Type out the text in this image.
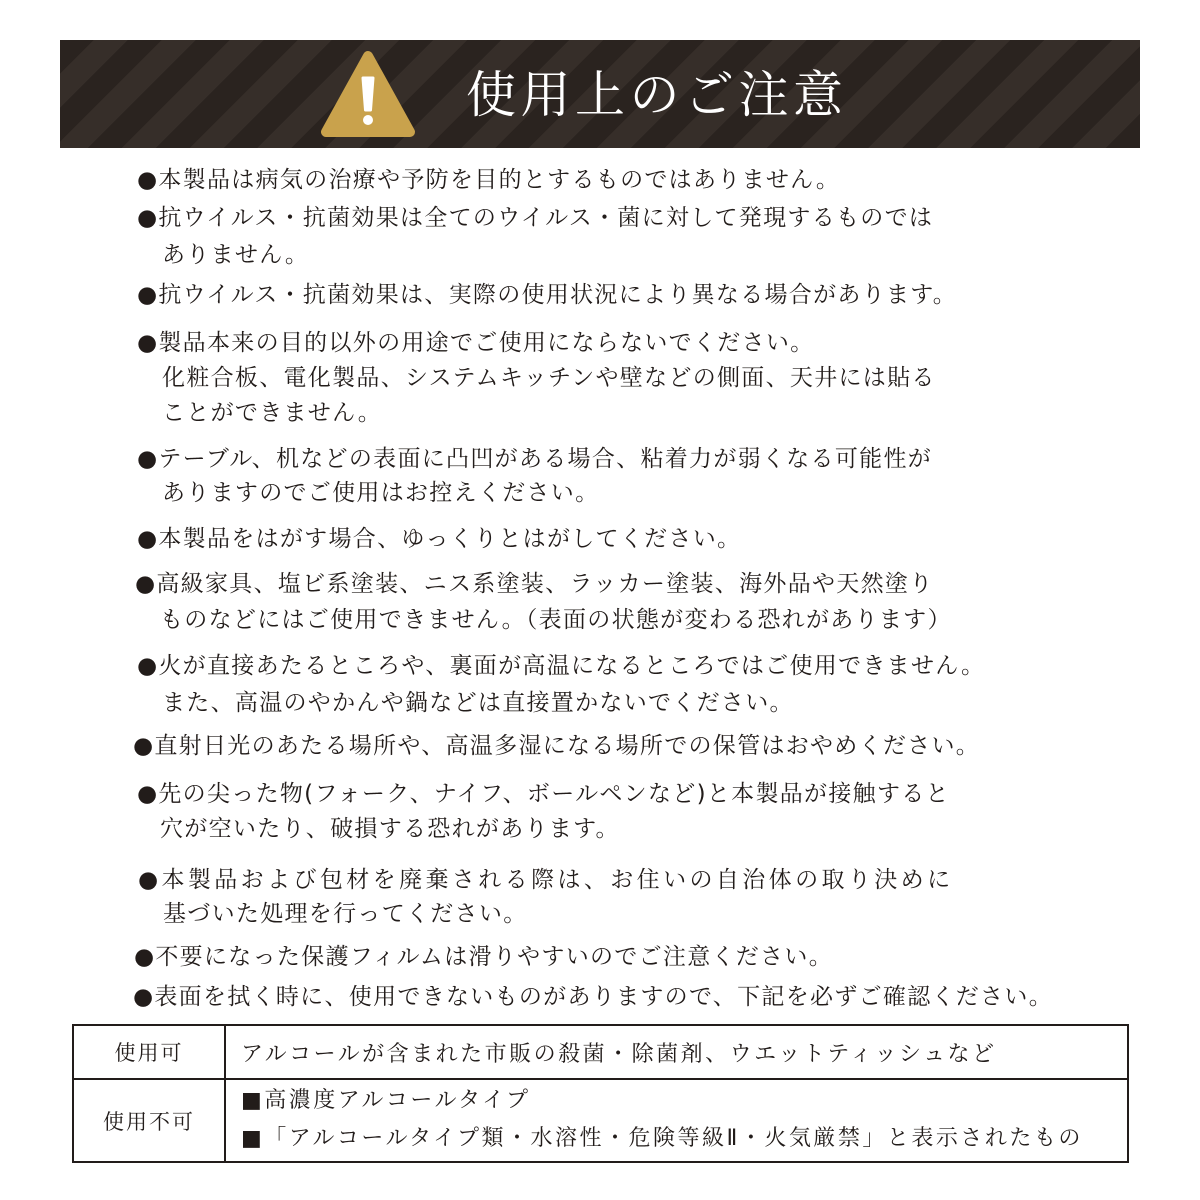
使用上のご注意
●本製品は病気の治療や予防を目的とするものではありません。
●抗ウイルス・抗菌効果は全てのウイルス・菌に対して発現するものでは
ありません。
●抗ウイルス・抗菌効果は、実際の使用状況により異なる場合があります。
●製品本来の目的以外の用途でご使用にならないでください。
化粧合板、電化製品、システムキッチンや壁などの側面、天井には貼る
ことができません。
●テーブル、机などの表面に凸凹がある場合、粘着力が弱くなる可能性が
ありますのでご使用はお控えください。
●本製品をはがす場合、ゆっくりとはがしてください。
●高級家具、塩ビ系塗装、ニス系塗装、ラッカー塗装、海外品や天然塗り
ものなどにはご使用できません。（表面の状態が変わる恐れがあります）
●火が直接あたるところや、裏面が高温になるところではご使用できません。
また、高温のやかんや鍋などは直接置かないでください。
●直射日光のあたる場所や、高温多湿になる場所での保管はおやめください。
●先の尖った物(フォーク、ナイフ、ボールペンなど)と本製品が接触すると
穴が空いたり、破損する恐れがあります。
●本製品および包材を廃棄される際は、お住いの自治体の取り決めに
基づいた処理を行ってください。
●不要になった保護フィルムは滑りやすいのでご注意ください。
●表面を拭く時に、使用できないものがありますので、下記を必ずご確認ください。
使用可	アルコールが含まれた市販の殺菌・除菌剤、ウエットティッシュなど
使用不可
■高濃度アルコールタイプ
■「アルコールタイプ類・水溶性・危険等級Ⅱ・火気厳禁」と表示されたもの
